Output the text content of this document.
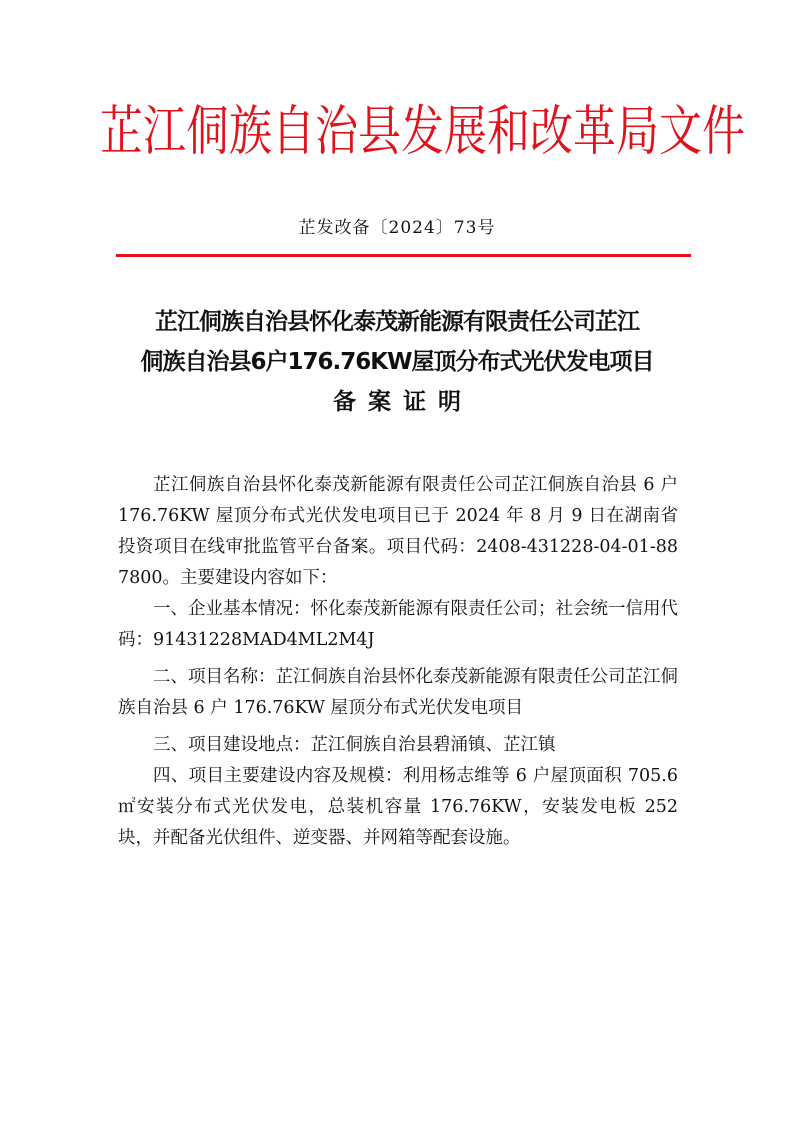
芷江侗族自治县发展和改革局文件
芷发改备〔2024〕73号
芷江侗族自治县怀化泰茂新能源有限责任公司芷江
侗族自治县6户176.76KW屋顶分布式光伏发电项目
备案证明

芷江侗族自治县怀化泰茂新能源有限责任公司芷江侗族自治县 6 户 176.76KW 屋顶分布式光伏发电项目已于 2024 年 8 月 9 日在湖南省投资项目在线审批监管平台备案。项目代码：2408-431228-04-01-887800。主要建设内容如下：

一、企业基本情况：怀化泰茂新能源有限责任公司；社会统一信用代码：91431228MAD4ML2M4J

二、项目名称：芷江侗族自治县怀化泰茂新能源有限责任公司芷江侗族自治县 6 户 176.76KW 屋顶分布式光伏发电项目

三、项目建设地点：芷江侗族自治县碧涌镇、芷江镇

四、项目主要建设内容及规模：利用杨志维等 6 户屋顶面积 705.6 ㎡安装分布式光伏发电，总装机容量 176.76KW，安装发电板 252 块，并配备光伏组件、逆变器、并网箱等配套设施。
